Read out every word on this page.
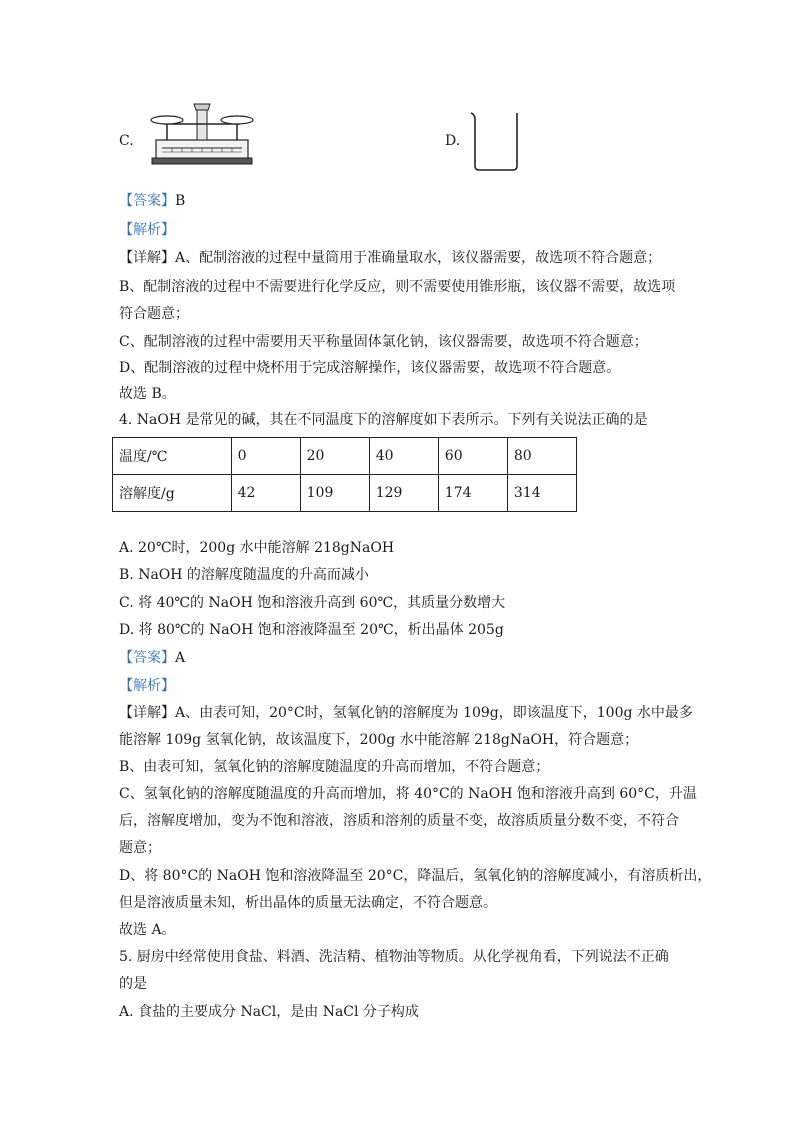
C.	D.
【答案】B
【解析】
【详解】A、配制溶液的过程中量筒用于准确量取水，该仪器需要，故选项不符合题意；
B、配制溶液的过程中不需要进行化学反应，则不需要使用锥形瓶，该仪器不需要，故选项
符合题意；
C、配制溶液的过程中需要用天平称量固体氯化钠，该仪器需要，故选项不符合题意；
D、配制溶液的过程中烧杯用于完成溶解操作，该仪器需要，故选项不符合题意。
故选 B。
4. NaOH 是常见的碱，其在不同温度下的溶解度如下表所示。下列有关说法正确的是
温度/℃	0	20	40	60	80
溶解度/g	42	109	129	174	314
A. 20℃时，200g 水中能溶解 218gNaOH
B. NaOH 的溶解度随温度的升高而减小
C. 将 40℃的 NaOH 饱和溶液升高到 60℃，其质量分数增大
D. 将 80℃的 NaOH 饱和溶液降温至 20℃，析出晶体 205g
【答案】A
【解析】
【详解】A、由表可知，20°C时，氢氧化钠的溶解度为 109g，即该温度下，100g 水中最多
能溶解 109g 氢氧化钠，故该温度下，200g 水中能溶解 218gNaOH，符合题意；
B、由表可知，氢氧化钠的溶解度随温度的升高而增加，不符合题意；
C、氢氧化钠的溶解度随温度的升高而增加，将 40°C的 NaOH 饱和溶液升高到 60°C，升温
后，溶解度增加，变为不饱和溶液，溶质和溶剂的质量不变，故溶质质量分数不变，不符合
题意；
D、将 80°C的 NaOH 饱和溶液降温至 20°C，降温后，氢氧化钠的溶解度减小，有溶质析出，
但是溶液质量未知，析出晶体的质量无法确定，不符合题意。
故选 A。
5. 厨房中经常使用食盐、料酒、洗洁精、植物油等物质。从化学视角看，下列说法不正确
的是
A. 食盐的主要成分 NaCl，是由 NaCl 分子构成
